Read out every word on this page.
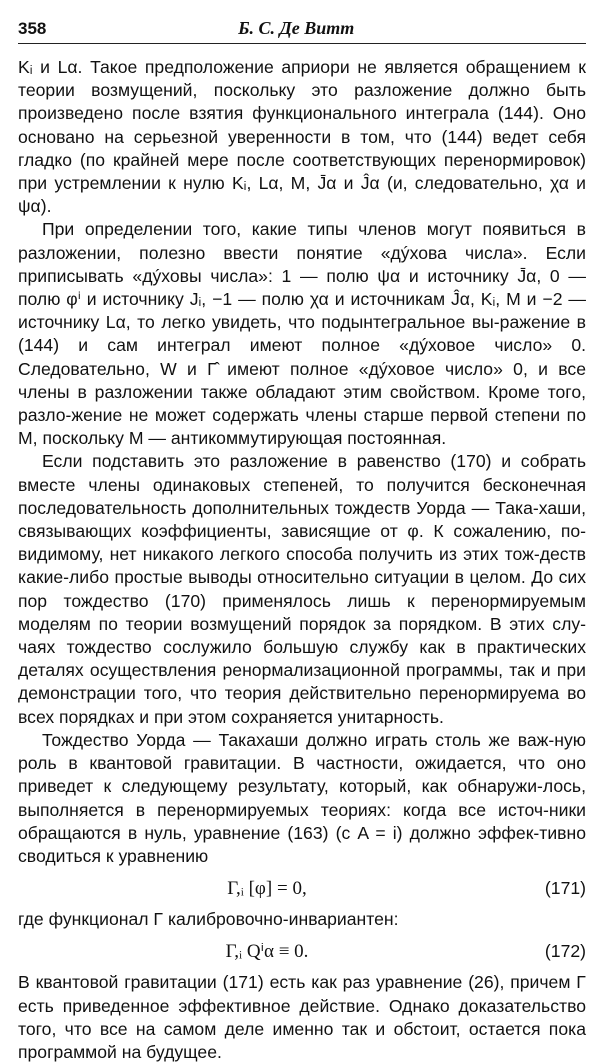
358	Б. С. Де Витт

Kᵢ и Lα. Такое предположение априори не является обращением к теории возмущений, поскольку это разложение должно быть произведено после взятия функционального интеграла (144). Оно основано на серьезной уверенности в том, что (144) ведет себя гладко (по крайней мере после соответствующих перенормировок) при устремлении к нулю Kᵢ, Lα, M, J̄α и Ĵα (и, следовательно, χα и ψα).

При определении того, какие типы членов могут появиться в разложении, полезно ввести понятие «дýхова числа». Если приписывать «дýховы числа»: 1 — полю ψα и источнику J̄α, 0 — полю φⁱ и источнику Jᵢ, −1 — полю χα и источникам Ĵα, Kᵢ, M и −2 — источнику Lα, то легко увидеть, что подынтегральное вы-ражение в (144) и сам интеграл имеют полное «дýховое число» 0. Следовательно, W и Γ̂ имеют полное «дýховое число» 0, и все члены в разложении также обладают этим свойством. Кроме того, разло-жение не может содержать члены старше первой степени по M, поскольку M — антикоммутирующая постоянная.

Если подставить это разложение в равенство (170) и собрать вместе члены одинаковых степеней, то получится бесконечная последовательность дополнительных тождеств Уорда — Така-хаши, связывающих коэффициенты, зависящие от φ. К сожалению, по-видимому, нет никакого легкого способа получить из этих тож-деств какие-либо простые выводы относительно ситуации в целом. До сих пор тождество (170) применялось лишь к перенормируемым моделям по теории возмущений порядок за порядком. В этих слу-чаях тождество сослужило большую службу как в практических деталях осуществления ренормализационной программы, так и при демонстрации того, что теория действительно перенормируема во всех порядках и при этом сохраняется унитарность.

Тождество Уорда — Такахаши должно играть столь же важ-ную роль в квантовой гравитации. В частности, ожидается, что оно приведет к следующему результату, который, как обнаружи-лось, выполняется в перенормируемых теориях: когда все источ-ники обращаются в нуль, уравнение (163) (с A = i) должно эффек-тивно сводиться к уравнению

Γ,ᵢ [φ] = 0,	(171)

где функционал Γ калибровочно-инвариантен:

Γ,ᵢ Qⁱα ≡ 0.	(172)

В квантовой гравитации (171) есть как раз уравнение (26), причем Γ есть приведенное эффективное действие. Однако доказательство того, что все на самом деле именно так и обстоит, остается пока программой на будущее.
